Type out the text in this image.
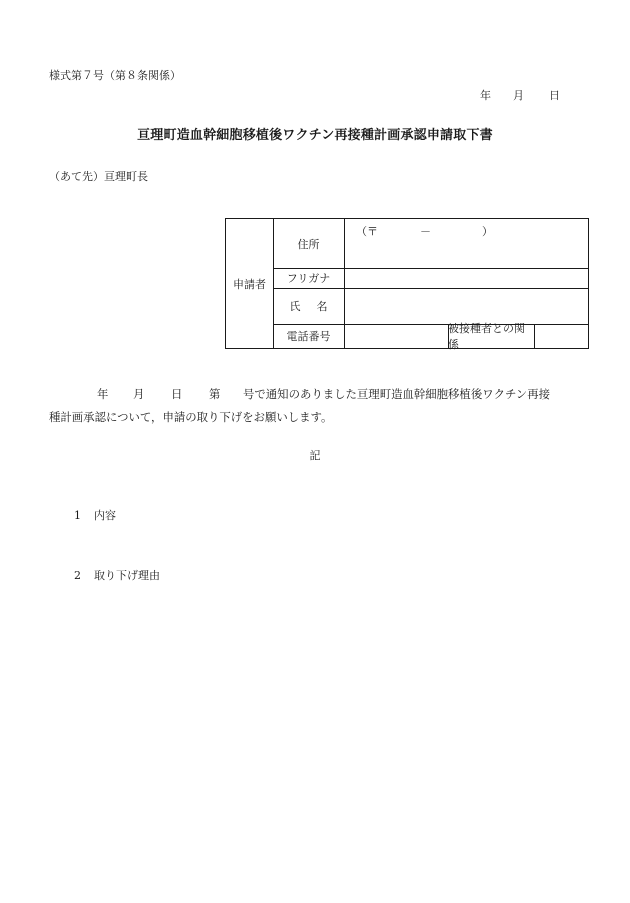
様式第７号（第８条関係）
年 月 日
亘理町造血幹細胞移植後ワクチン再接種計画承認申請取下書
（あて先）亘理町長
申請者
住所
（〒	－	）
フリガナ
氏 名
電話番号
被接種者との関係
年 月 日 第 号で通知のありました亘理町造血幹細胞移植後ワクチン再接
種計画承認について，申請の取り下げをお願いします。
記
1 内容
2 取り下げ理由
